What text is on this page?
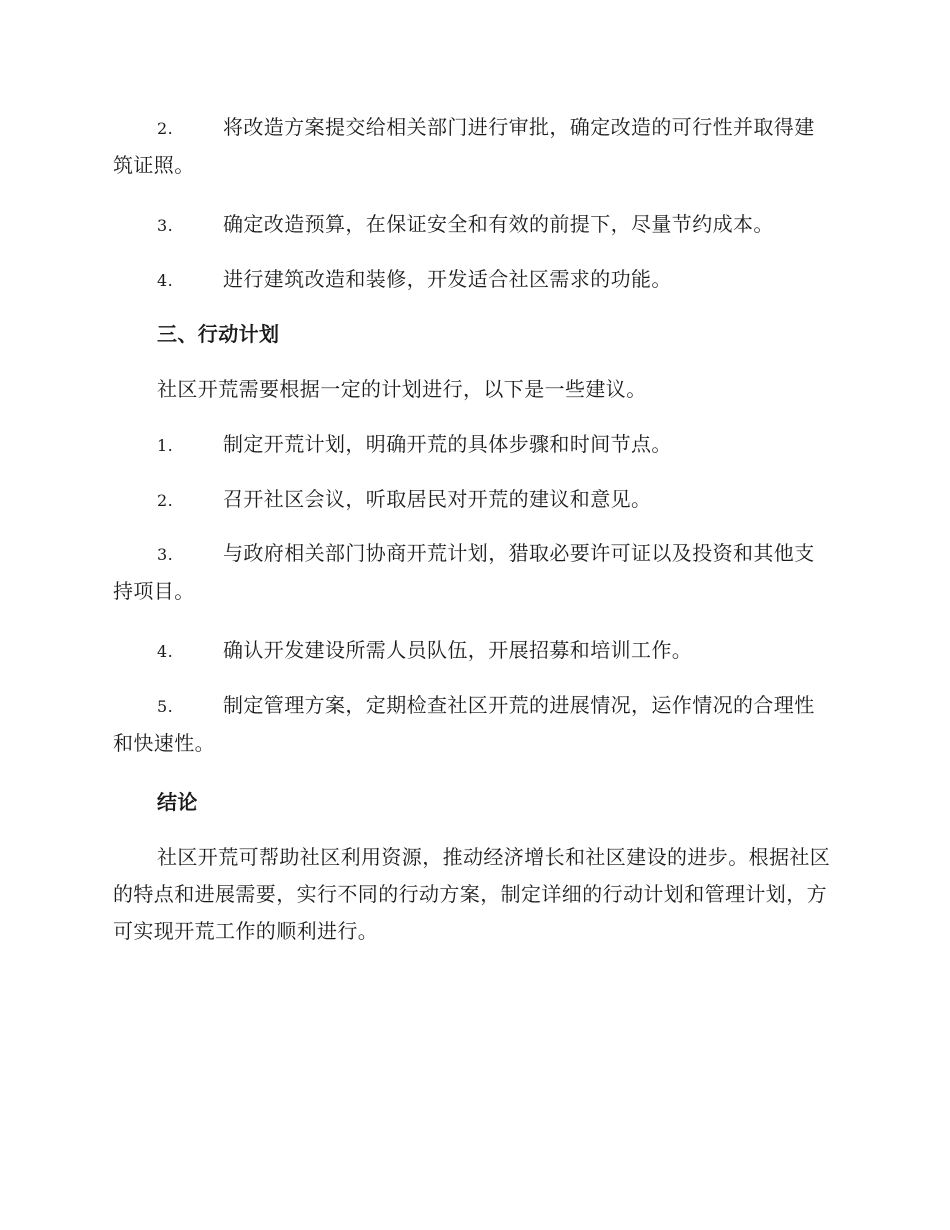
2. 将改造方案提交给相关部门进行审批，确定改造的可行性并取得建筑证照。
3. 确定改造预算，在保证安全和有效的前提下，尽量节约成本。
4. 进行建筑改造和装修，开发适合社区需求的功能。
三、行动计划
社区开荒需要根据一定的计划进行，以下是一些建议。
1. 制定开荒计划，明确开荒的具体步骤和时间节点。
2. 召开社区会议，听取居民对开荒的建议和意见。
3. 与政府相关部门协商开荒计划，猎取必要许可证以及投资和其他支持项目。
4. 确认开发建设所需人员队伍，开展招募和培训工作。
5. 制定管理方案，定期检查社区开荒的进展情况，运作情况的合理性和快速性。
结论
社区开荒可帮助社区利用资源，推动经济增长和社区建设的进步。根据社区的特点和进展需要，实行不同的行动方案，制定详细的行动计划和管理计划，方可实现开荒工作的顺利进行。
